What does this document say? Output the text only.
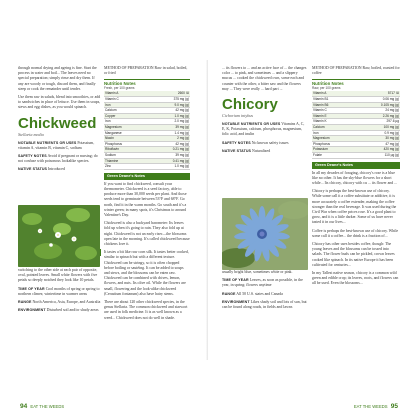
through normal drying and ageing is fine. Start the process in water and boil... The leaves need no special preparation; simply rinse and dry them. If any are woody or tough, discard them, and finally steep or cook the remainder until tender.
Use them raw in salads, blend into smoothies, or add to sandwiches in place of lettuce. Use them in soups, stews and egg dishes, as you would spinach.
Chickweed
Stellaria media
NOTABLE NUTRIENTS OR USES Potassium, vitamin A, vitamin B, vitamin C, sodium
SAFETY NOTES Avoid if pregnant or nursing; do not confuse with poisonous lookalike species.
NATIVE STATUS Introduced
switching to the other side at each pair of opposite, oval, pointed leaves. Small white flowers with five petals so deeply notched they look like 10 petals.
TIME OF YEAR Cool months of spring or spring to northern climes; wintertime in warmer areas
RANGE North America, Asia, Europe, and Australia
ENVIRONMENT Disturbed soil and/or shady areas
METHOD OF PREPARATION Raw in salad, boiled, or fried
Nutrition Notes
Fresh, per 100 grams
Vitamin A	2600 IU
Vitamin C	375 mg (g)
Iron	9.0 mg (g)
Calcium	42 mg (g)
Copper	1.0 mg (g)
Iron	2.0 mg (g)
Magnesium	39 mg (g)
Manganese	1.4 mg (g)
Niacin	2 mg (g)
Phosphorus	42 mg (g)
Riboflavin	0.21 mg (g)
Sodium	39 mg (g)
Thiamine	0.41 mg (g)
Zinc	1.0 mg (g)
Green Deane's Notes
If you want to find chickweed, consult your thermometer. Chickweed is a seed factory, able to produce more than 30,000 seeds per plant. And those seeds tend to germinate between 53°F and 68°F. Go north, find it in the warm months. Go south and it's a winter green; in many spots, it's Christmas to around Valentine's Day.
Chickweed is also a backyard barometer: Its leaves fold up when it's going to rain. They also fold up at night. Chickweed is not an early riser—the blossoms open late in the morning. It's called chickweed because chickens love it.
It tastes a bit like raw corn silk. It tastes better cooked, similar to spinach but with a different texture. Chickweed can be stringy, so it is often chopped before boiling or sautéing. It can be added to soups and stews, and the blossoms can be eaten raw. Chickweed can be combined with chives, lemon, flowers, and nuts. Its olive oil. While the flowers are small, flowering and the look-alike chickweed (Cerastium fontanum) also have hairy stems.
There are about 120 other chickweed species, in the genus Stellaria. The common chickweed and starwort are used in folk medicine. It is as well known as a weed... Chickweed does not do well in shade.
94 EAT THE WEEDS
... its flowers to ... and an active face of ... the changes color ... to pink, and sometimes ... and a slippery mucus ... cooked the chickweed own, some each and counter with the other, a bitter saw and the flowers may ... They were really ... hard part ...
Chicory
Cichorium intybus
NOTABLE NUTRIENTS OR USES Vitamins A, C, E, K, Potassium, calcium, phosphorus, magnesium, folic acid, and inulin
SAFETY NOTES No known safety issues
NATIVE STATUS Naturalized
usually bright blue, sometimes white or pink.
TIME OF YEAR Leaves, as soon as possible, in the year, in spring; flowers anytime
RANGE All 50 U.S. states and Canada
ENVIRONMENT Likes shady soil and lots of sun, but can be found along roads, in fields and lawns
METHOD OF PREPARATION Raw, boiled, roasted for coffee
Nutrition Notes
Raw, per 100 grams
Vitamin A	5717 IU
Vitamin B1	0.06 mg (g)
Vitamin B6	0.105 mg (g)
Vitamin C	24 mg (g)
Vitamin E	2.26 mg (g)
Vitamin K	297.6 µg
Calcium	100 mg (g)
Iron	0.9 mg (g)
Magnesium	30 mg (g)
Phosphorus	47 mg (g)
Potassium	420 mg (g)
Folate	110 µg (g)
Green Deane's Notes
In all my decades of foraging, chicory's rose is a blue like no other. It has the sky-blue flowers for a short while... Its chicory, chicory with cu ... its flower and ...
Chicory is perhaps the best-known use of chicory. While some call it a coffee substitute or additive, it is more accurately a coffee extender, making the coffee stronger than the real beverage. It was used during the Civil War when coffee prices rose. It's a good plant to grow, and it is a little darker. Some of us have never tasted it in our lives...
Coffee is perhaps the best-known use of chicory. While some call it a coffee... the drink is a fraction of...
Chicory has other uses besides coffee, though: The young leaves and the blossoms can be tossed into salads. The flower buds can be pickled, crown leaves cooked like spinach. In its native Europe it has been cultivated for centuries...
In my Tallest native season, chicory is a common wild green and edible crop; its leaves, roots, and flowers can all be used. Even the blossoms...
EAT THE WEEDS 95
